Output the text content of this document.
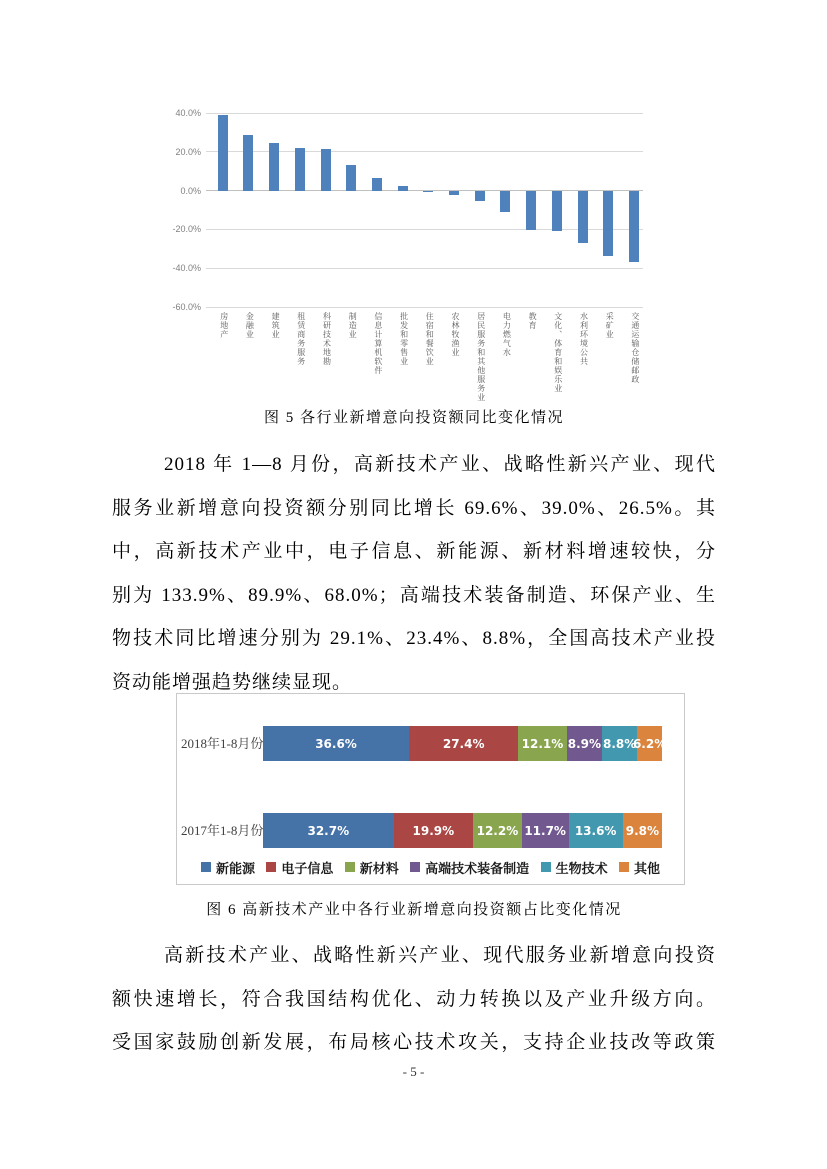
40.0%
20.0%
0.0%
-20.0%
-40.0%
-60.0%
房地产	金融业	建筑业	租赁商务服务	科研技术地勘	制造业	信息计算机软件	批发和零售业	住宿和餐饮业	农林牧渔业	居民服务和其他服务业	电力燃气水	教育	文化、体育和娱乐业	水利环境公共	采矿业	交通运输仓储邮政
图 5 各行业新增意向投资额同比变化情况
2018 年 1—8 月份，高新技术产业、战略性新兴产业、现代
服务业新增意向投资额分别同比增长 69.6%、39.0%、26.5%。其
中，高新技术产业中，电子信息、新能源、新材料增速较快，分
别为 133.9%、89.9%、68.0%；高端技术装备制造、环保产业、生
物技术同比增速分别为 29.1%、23.4%、8.8%，全国高技术产业投
资动能增强趋势继续显现。
2018年1-8月份	36.6%	27.4%	12.1% 8.9% 8.8%
6.2%
2017年1-8月份	32.7%	19.9% 12.2% 11.7% 13.6% 9.8%
新能源 电子信息 新材料 高端技术装备制造 生物技术 其他
图 6 高新技术产业中各行业新增意向投资额占比变化情况
高新技术产业、战略性新兴产业、现代服务业新增意向投资
额快速增长，符合我国结构优化、动力转换以及产业升级方向。
受国家鼓励创新发展，布局核心技术攻关，支持企业技改等政策
- 5 -
